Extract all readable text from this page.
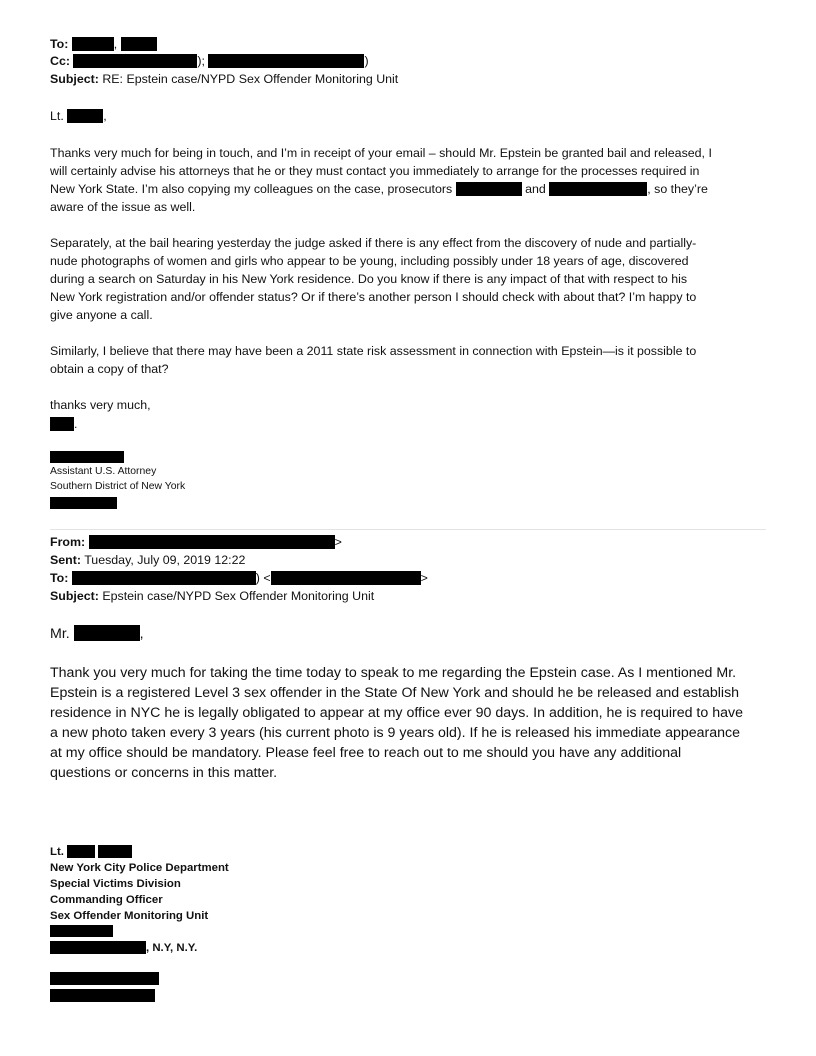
To:	,
Cc:	);	)
Subject: RE: Epstein case/NYPD Sex Offender Monitoring Unit
Lt.	,
Thanks very much for being in touch, and I’m in receipt of your email – should Mr. Epstein be granted bail and released, I
will certainly advise his attorneys that he or they must contact you immediately to arrange for the processes required in
New York State. I’m also copying my colleagues on the case, prosecutors	and	, so they’re
aware of the issue as well.
Separately, at the bail hearing yesterday the judge asked if there is any effect from the discovery of nude and partially-
nude photographs of women and girls who appear to be young, including possibly under 18 years of age, discovered
during a search on Saturday in his New York residence. Do you know if there is any impact of that with respect to his
New York registration and/or offender status? Or if there’s another person I should check with about that? I’m happy to
give anyone a call.
Similarly, I believe that there may have been a 2011 state risk assessment in connection with Epstein—is it possible to
obtain a copy of that?
thanks very much,
.
Assistant U.S. Attorney
Southern District of New York
From:	>
Sent: Tuesday, July 09, 2019 12:22
To:	) <	>
Subject: Epstein case/NYPD Sex Offender Monitoring Unit
Mr.	,
Thank you very much for taking the time today to speak to me regarding the Epstein case. As I mentioned Mr.
Epstein is a registered Level 3 sex offender in the State Of New York and should he be released and establish
residence in NYC he is legally obligated to appear at my office ever 90 days. In addition, he is required to have
a new photo taken every 3 years (his current photo is 9 years old). If he is released his immediate appearance
at my office should be mandatory. Please feel free to reach out to me should you have any additional
questions or concerns in this matter.
Lt.
New York City Police Department
Special Victims Division
Commanding Officer
Sex Offender Monitoring Unit
, N.Y, N.Y.
